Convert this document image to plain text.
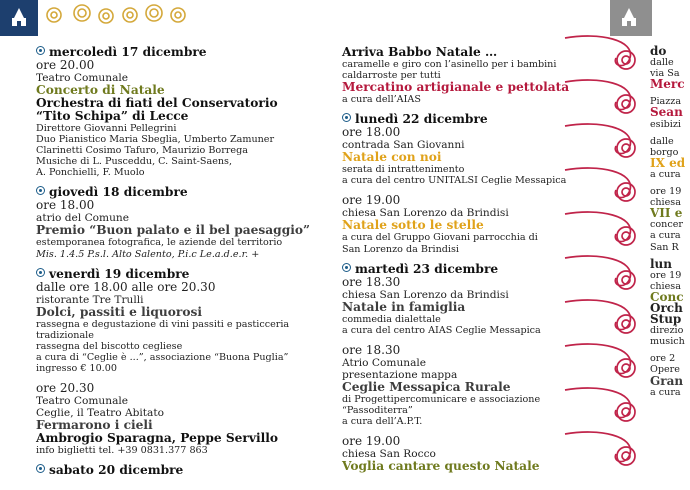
mercoledì 17 dicembre
ore 20.00
Teatro Comunale
Concerto di Natale
Orchestra di fiati del Conservatorio
“Tito Schipa” di Lecce
Direttore Giovanni Pellegrini
Duo Pianistico Maria Sbeglia, Umberto Zamuner
Clarinetti Cosimo Tafuro, Maurizio Borrega
Musiche di L. Pusceddu, C. Saint-Saens,
A. Ponchielli, F. Muolo
giovedì 18 dicembre
ore 18.00
atrio del Comune
Premio “Buon palato e il bel paesaggio”
estemporanea fotografica, le aziende del territorio
Mis. 1.4.5 P.s.l. Alto Salento, P.i.c Le.a.d.e.r. +
venerdì 19 dicembre
dalle ore 18.00 alle ore 20.30
ristorante Tre Trulli
Dolci, passiti e liquorosi
rassegna e degustazione di vini passiti e pasticceria tradizionale
rassegna del biscotto cegliese
a cura di “Ceglie è ...”, associazione “Buona Puglia”
ingresso € 10.00
ore 20.30
Teatro Comunale
Ceglie, il Teatro Abitato
Fermarono i cieli
Ambrogio Sparagna, Peppe Servillo
info biglietti tel. +39 0831.377 863
sabato 20 dicembre
Arriva Babbo Natale …
caramelle e giro con l’asinello per i bambini
caldarroste per tutti
Mercatino artigianale e pettolata
a cura dell’AIAS
lunedì 22 dicembre
ore 18.00
contrada San Giovanni
Natale con noi
serata di intrattenimento
a cura del centro UNITALSI Ceglie Messapica
ore 19.00
chiesa San Lorenzo da Brindisi
Natale sotto le stelle
a cura del Gruppo Giovani parrocchia di
San Lorenzo da Brindisi
martedì 23 dicembre
ore 18.30
chiesa San Lorenzo da Brindisi
Natale in famiglia
commedia dialettale
a cura del centro AIAS Ceglie Messapica
ore 18.30
Atrio Comunale
presentazione mappa
Ceglie Messapica Rurale
di Progettipercomunicare e associazione “Passoditerra”
a cura dell’A.P.T.
ore 19.00
chiesa San Rocco
Voglia cantare questo Natale
do
dalle
via Sa
Merc

Piazza
Sean
esibizi

dalle
borgo
IX ed
a cura

ore 19
chiesa
VII e
concer
a cura
San R

lun
ore 19
chiesa
Conc
Orch
Stup
direzio
musich

ore 2
Opere
Gran
a cura
